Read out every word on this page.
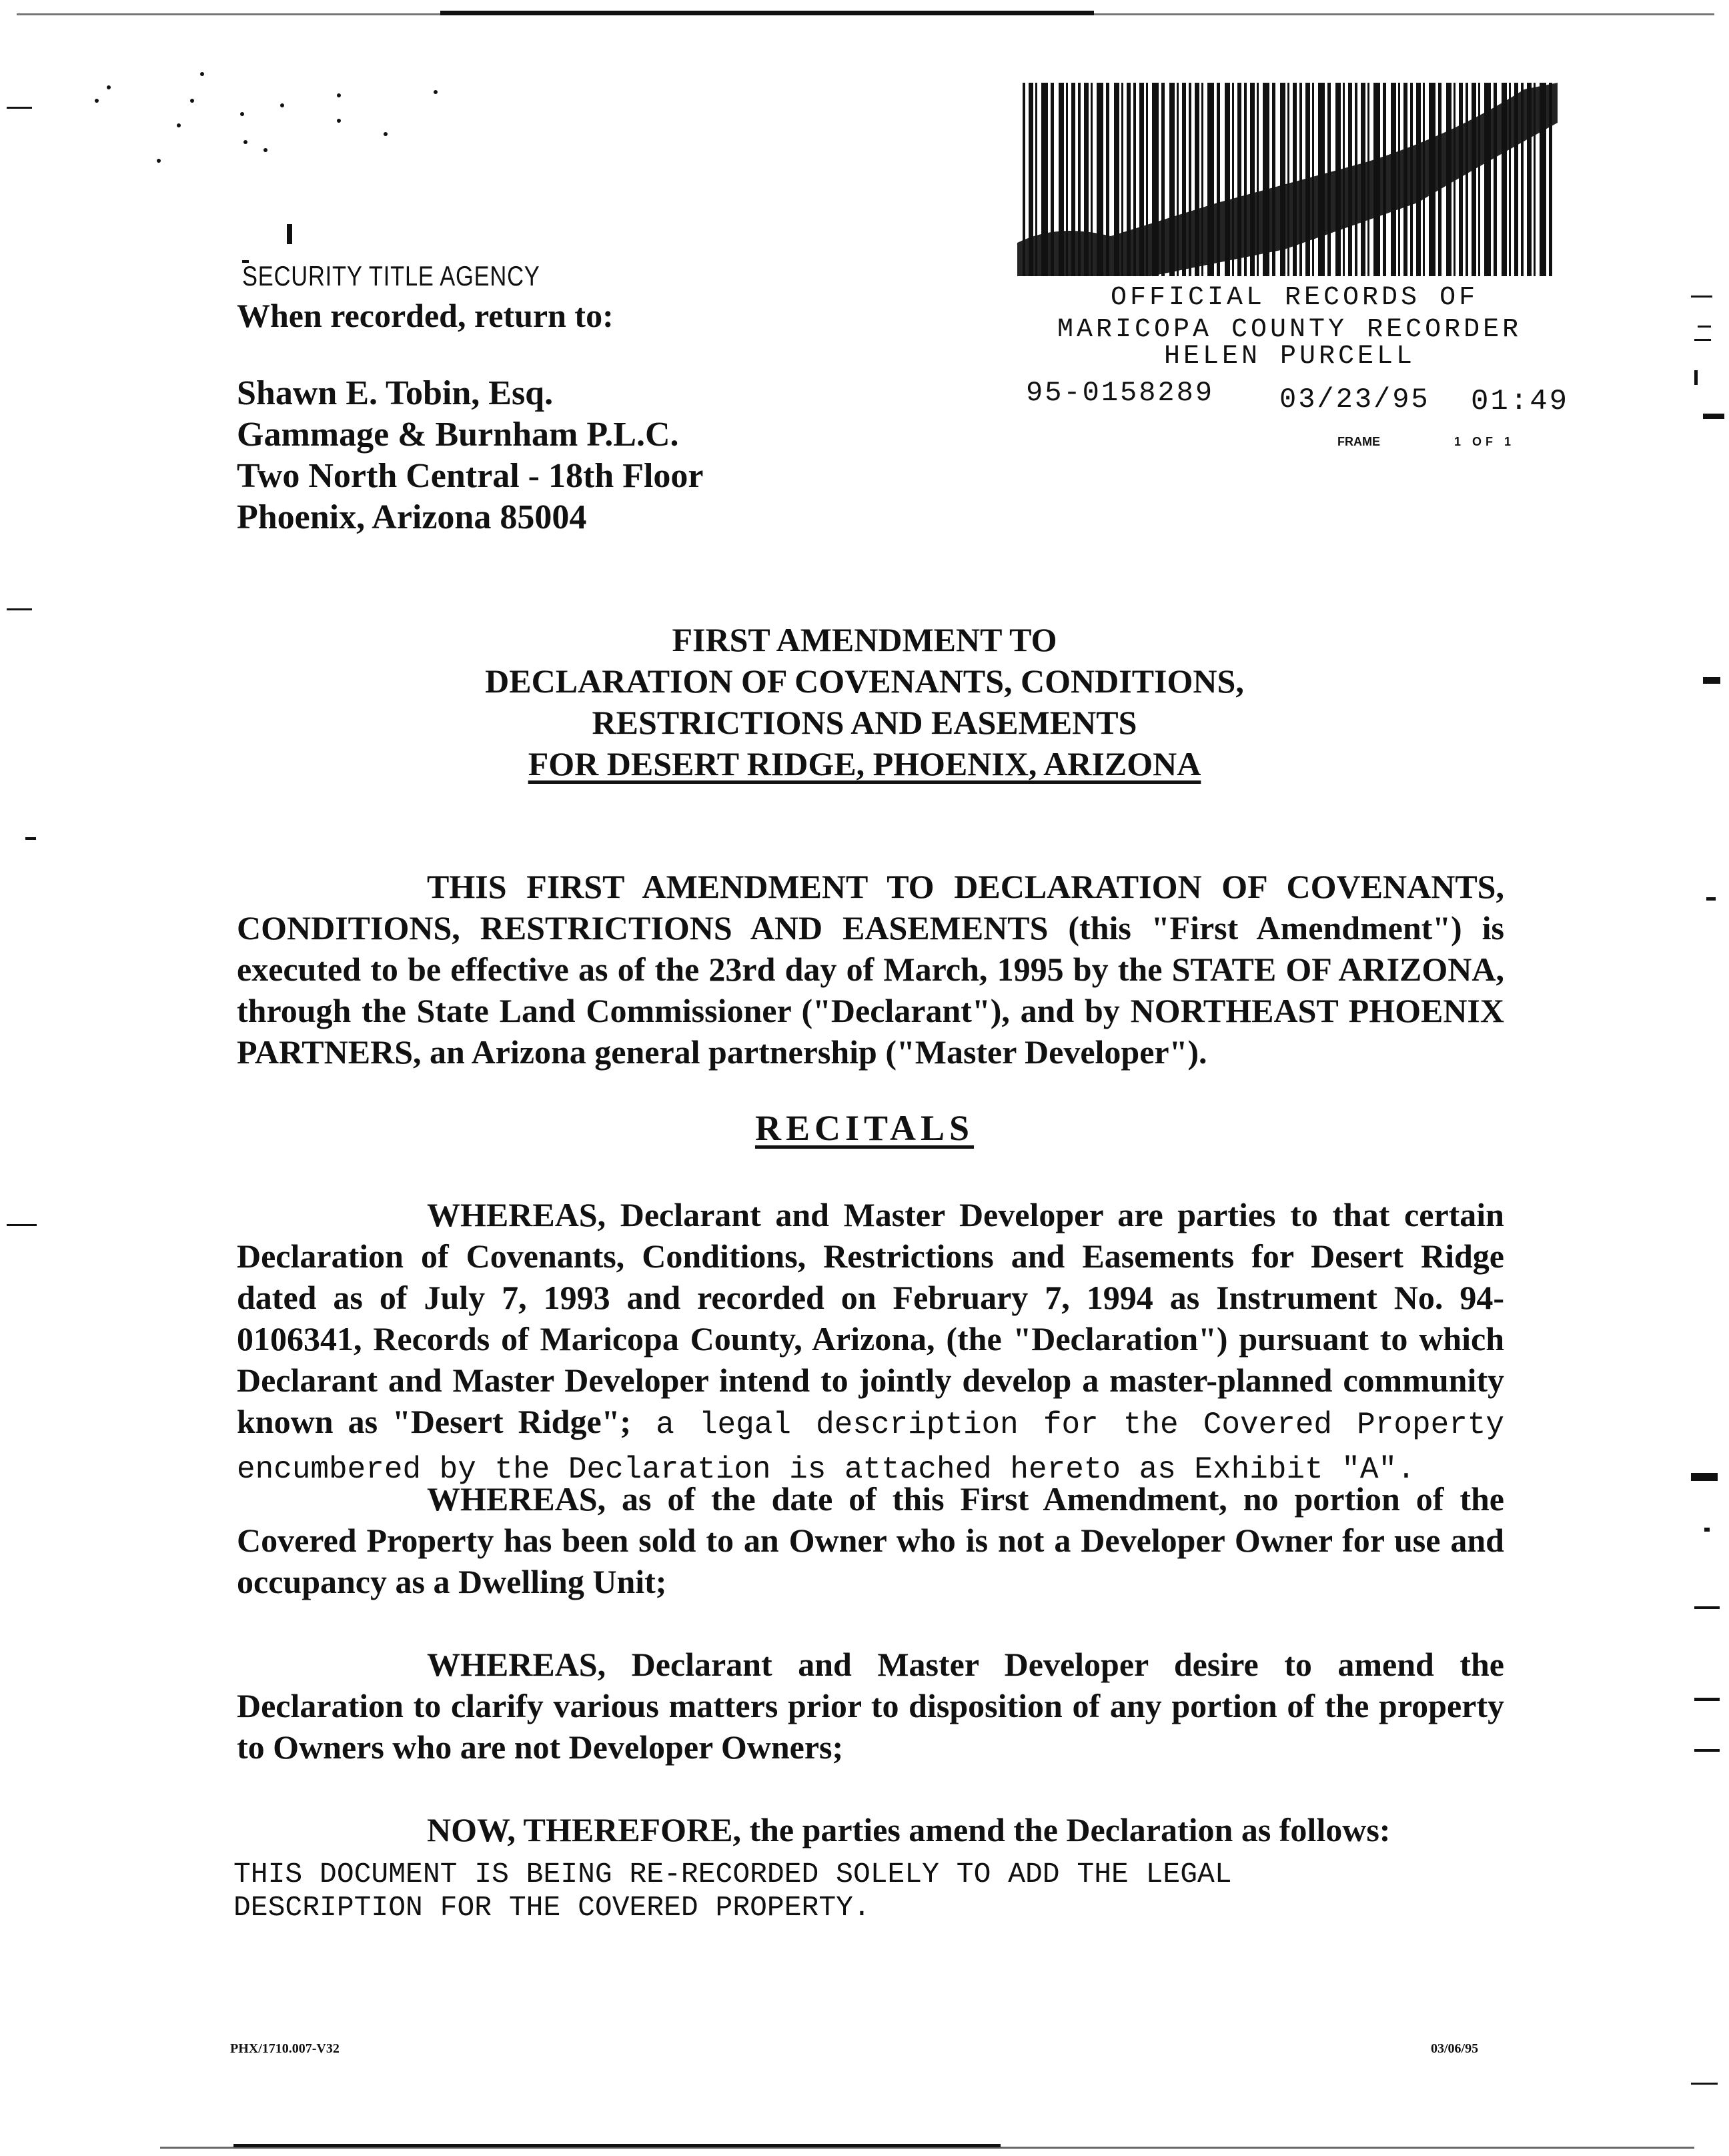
SECURITY TITLE AGENCY
When recorded, return to:
Shawn E. Tobin, Esq.
Gammage & Burnham P.L.C.
Two North Central - 18th Floor
Phoenix, Arizona 85004
OFFICIAL RECORDS OF
MARICOPA COUNTY RECORDER
HELEN PURCELL
95-0158289 03/23/95 01:49
FRAME	1 OF 1
FIRST AMENDMENT TO
DECLARATION OF COVENANTS, CONDITIONS,
RESTRICTIONS AND EASEMENTS
FOR DESERT RIDGE, PHOENIX, ARIZONA

THIS FIRST AMENDMENT TO DECLARATION OF COVENANTS, CONDITIONS, RESTRICTIONS AND EASEMENTS (this "First Amendment") is executed to be effective as of the 23rd day of March, 1995 by the STATE OF ARIZONA, through the State Land Commissioner ("Declarant"), and by NORTHEAST PHOENIX PARTNERS, an Arizona general partnership ("Master Developer").

RECITALS

WHEREAS, Declarant and Master Developer are parties to that certain Declaration of Covenants, Conditions, Restrictions and Easements for Desert Ridge dated as of July 7, 1993 and recorded on February 7, 1994 as Instrument No. 94-0106341, Records of Maricopa County, Arizona, (the "Declaration") pursuant to which Declarant and Master Developer intend to jointly develop a master-planned community known as "Desert Ridge"; a legal description for the Covered Property encumbered by the Declaration is attached hereto as Exhibit "A".

WHEREAS, as of the date of this First Amendment, no portion of the Covered Property has been sold to an Owner who is not a Developer Owner for use and occupancy as a Dwelling Unit;

WHEREAS, Declarant and Master Developer desire to amend the Declaration to clarify various matters prior to disposition of any portion of the property to Owners who are not Developer Owners;

NOW, THEREFORE, the parties amend the Declaration as follows:

THIS DOCUMENT IS BEING RE-RECORDED SOLELY TO ADD THE LEGAL
DESCRIPTION FOR THE COVERED PROPERTY.
PHX/1710.007-V32	03/06/95
